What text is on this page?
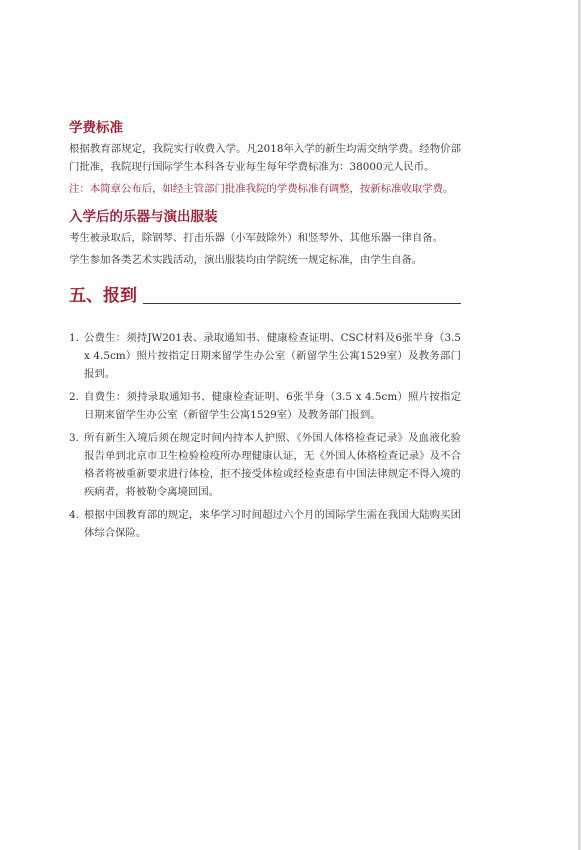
学费标准

根据教育部规定，我院实行收费入学。凡2018年入学的新生均需交纳学费。经物价部门批准，我院现行国际学生本科各专业每生每年学费标准为：38000元人民币。

注：本简章公布后，如经主管部门批准我院的学费标准有调整，按新标准收取学费。

入学后的乐器与演出服装

考生被录取后，除钢琴、打击乐器（小军鼓除外）和竖琴外、其他乐器一律自备。

学生参加各类艺术实践活动，演出服装均由学院统一规定标准，由学生自备。

五、报到
1. 公费生：须持JW201表、录取通知书、健康检查证明、CSC材料及6张半身（3.5 x 4.5cm）照片按指定日期来留学生办公室（新留学生公寓1529室）及教务部门报到。
2. 自费生：须持录取通知书、健康检查证明、6张半身（3.5 x 4.5cm）照片按指定日期来留学生办公室（新留学生公寓1529室）及教务部门报到。
3. 所有新生入境后须在规定时间内持本人护照、《外国人体格检查记录》及血液化验报告单到北京市卫生检验检疫所办理健康认证，无《外国人体格检查记录》及不合格者将被重新要求进行体检，拒不接受体检或经检查患有中国法律规定不得入境的疾病者，将被勒令离境回国。
4. 根据中国教育部的规定，来华学习时间超过六个月的国际学生需在我国大陆购买团体综合保险。
